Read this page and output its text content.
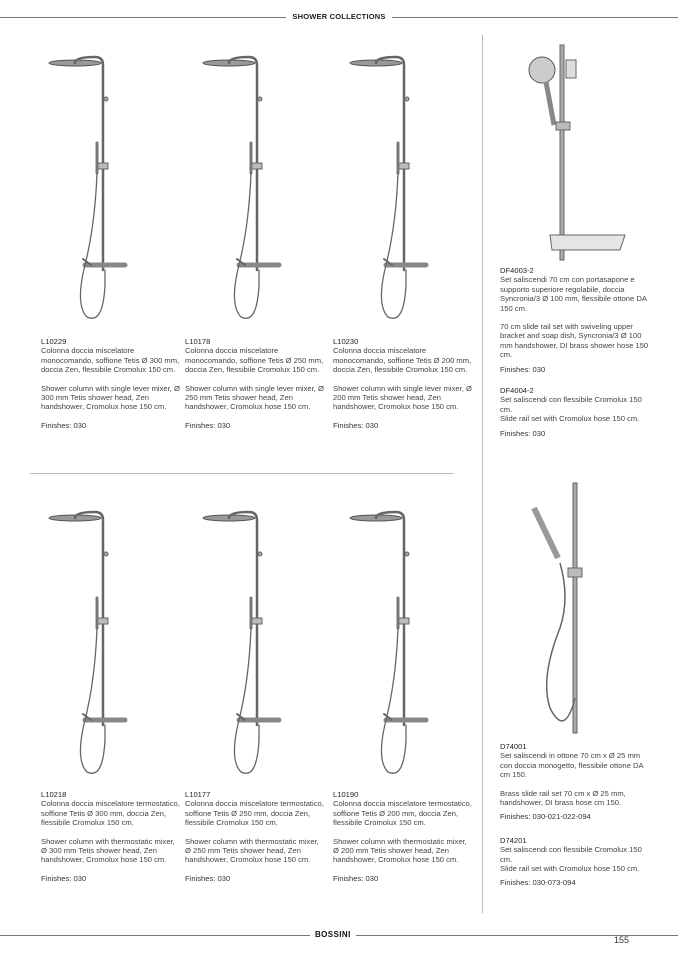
SHOWER COLLECTIONS
L10229

Colonna doccia miscelatore monocomando, soffione Tetis Ø 300 mm, doccia Zen, flessibile Cromolux 150 cm.

Shower column with single lever mixer, Ø 300 mm Tetis shower head, Zen handshower, Cromolux hose 150 cm.

Finishes: 030
L10178

Colonna doccia miscelatore monocomando, soffione Tetis Ø 250 mm, doccia Zen, flessibile Cromolux 150 cm.

Shower column with single lever mixer, Ø 250 mm Tetis shower head, Zen handshower, Cromolux hose 150 cm.

Finishes: 030
L10230

Colonna doccia miscelatore monocomando, soffione Tetis Ø 200 mm, doccia Zen, flessibile Cromolux 150 cm.

Shower column with single lever mixer, Ø 200 mm Tetis shower head, Zen handshower, Cromolux hose 150 cm.

Finishes: 030
L10218

Colonna doccia miscelatore termostatico, soffione Tetis Ø 300 mm, doccia Zen, flessibile Cromolux 150 cm.

Shower column with thermostatic mixer, Ø 300 mm Tetis shower head, Zen handshower, Cromolux hose 150 cm.

Finishes: 030
L10177

Colonna doccia miscelatore termostatico, soffione Tetis Ø 250 mm, doccia Zen, flessibile Cromolux 150 cm.

Shower column with thermostatic mixer, Ø 250 mm Tetis shower head, Zen handshower, Cromolux hose 150 cm.

Finishes: 030
L10190

Colonna doccia miscelatore termostatico, soffione Tetis Ø 200 mm, doccia Zen, flessibile Cromolux 150 cm.

Shower column with thermostatic mixer, Ø 200 mm Tetis shower head, Zen handshower, Cromolux hose 150 cm.

Finishes: 030
DF4003-2

Set saliscendi 70 cm con portasapone e supporto superiore regolabile, doccia Syncronia/3 Ø 100 mm, flessibile ottone DA 150 cm.

70 cm slide rail set with swiveling upper bracket and soap dish, Syncronia/3 Ø 100 mm handshower, DI brass shower hose 150 cm.

Finishes: 030
DF4004-2
Set saliscendi con flessibile Cromolux 150 cm.

Slide rail set with Cromolux hose 150 cm.

Finishes: 030
D74001

Set saliscendi in ottone 70 cm x Ø 25 mm con doccia monogetto, flessibile ottone DA cm 150.

Brass slide rail set 70 cm x Ø 25 mm, handshower, DI brass hose cm 150.

Finishes: 030-021-022-094
D74201
Set saliscendi con flessibile Cromolux 150 cm.

Slide rail set with Cromolux hose 150 cm.

Finishes: 030-073-094
BOSSINI
155
